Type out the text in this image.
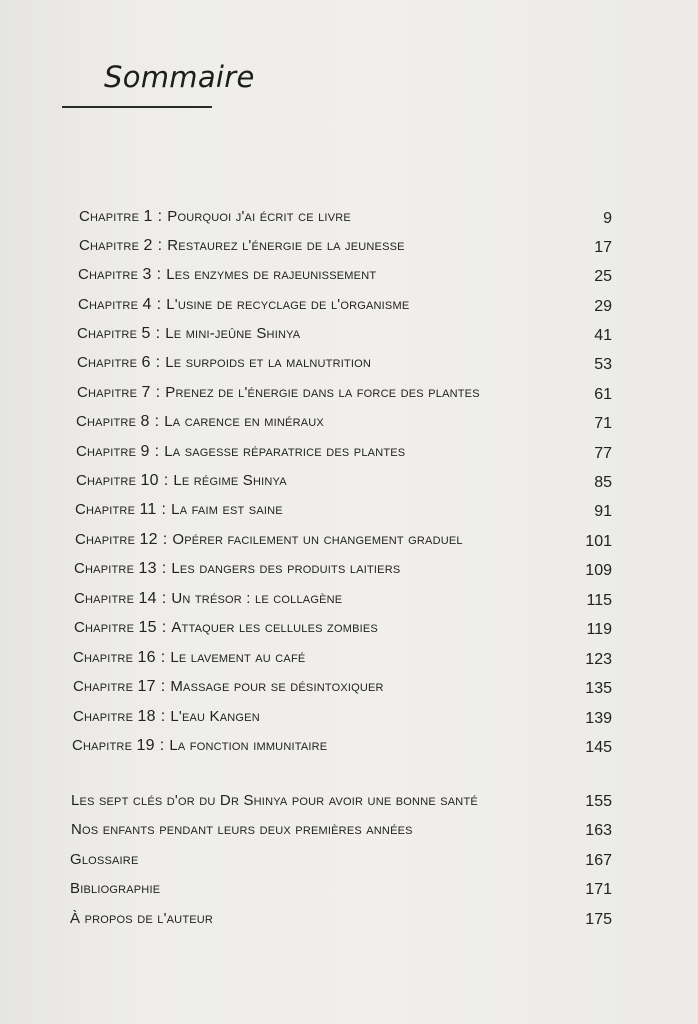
Sommaire
Chapitre 1 : Pourquoi j'ai écrit ce livre	9
Chapitre 2 : Restaurez l'énergie de la jeunesse	17
Chapitre 3 : Les enzymes de rajeunissement	25
Chapitre 4 : L'usine de recyclage de l'organisme	29
Chapitre 5 : Le mini-jeûne Shinya	41
Chapitre 6 : Le surpoids et la malnutrition	53
Chapitre 7 : Prenez de l'énergie dans la force des plantes	61
Chapitre 8 : La carence en minéraux	71
Chapitre 9 : La sagesse réparatrice des plantes	77
Chapitre 10 : Le régime Shinya	85
Chapitre 11 : La faim est saine	91
Chapitre 12 : Opérer facilement un changement graduel	101
Chapitre 13 : Les dangers des produits laitiers	109
Chapitre 14 : Un trésor : le collagène	115
Chapitre 15 : Attaquer les cellules zombies	119
Chapitre 16 : Le lavement au café	123
Chapitre 17 : Massage pour se désintoxiquer	135
Chapitre 18 : L'eau Kangen	139
Chapitre 19 : La fonction immunitaire	145
Les sept clés d'or du Dr Shinya pour avoir une bonne santé	155
Nos enfants pendant leurs deux premières années	163
Glossaire	167
Bibliographie	171
À propos de l'auteur	175
